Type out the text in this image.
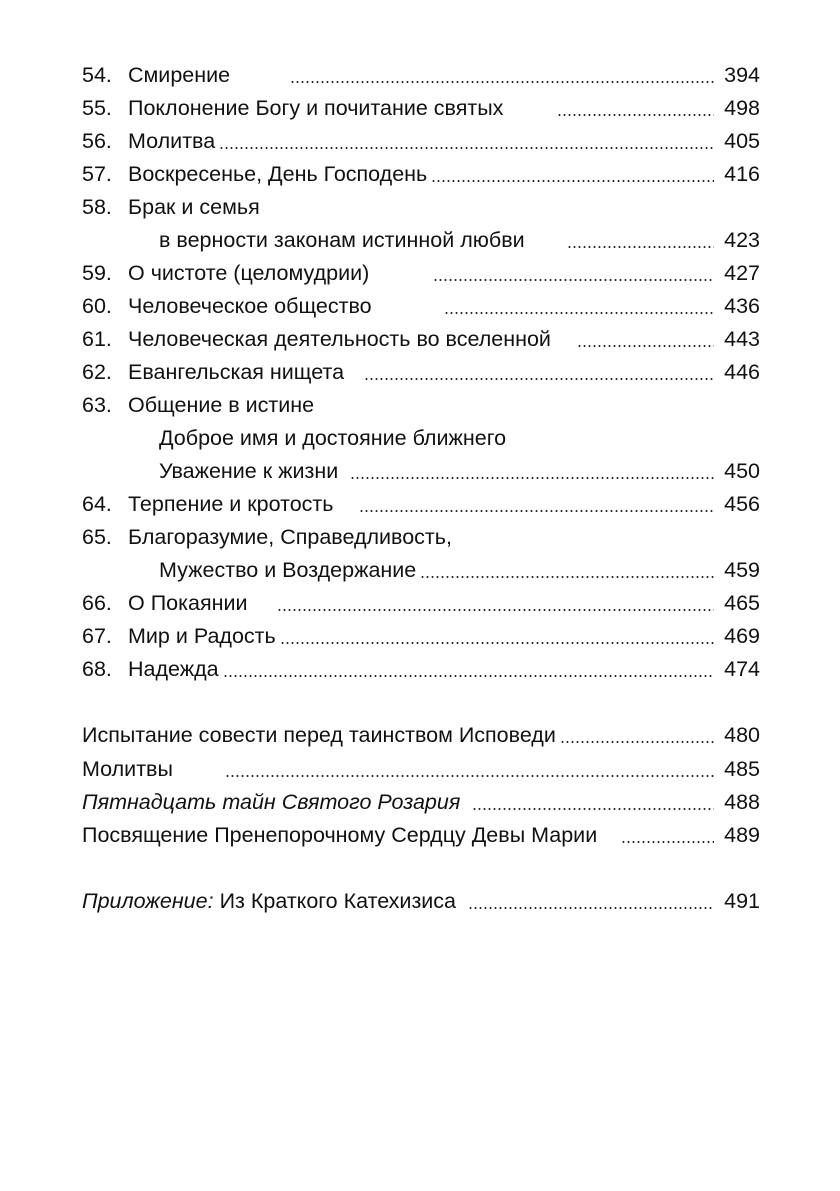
54. Смирение	394
55. Поклонение Богу и почитание святых	498
56. Молитва	405
57. Воскресенье, День Господень	416
58. Брак и семья
в верности законам истинной любви	423
59. О чистоте (целомудрии)	427
60. Человеческое общество	436
61. Человеческая деятельность во вселенной	443
62. Евангельская нищета	446
63. Общение в истине
Доброе имя и достояние ближнего
Уважение к жизни	450
64. Терпение и кротость	456
65. Благоразумие, Справедливость,
Мужество и Воздержание	459
66. О Покаянии	465
67. Мир и Радость	469
68. Надежда	474
Испытание совести перед таинством Исповеди	480
Молитвы	485
Пятнадцать тайн Святого Розария	488
Посвящение Пренепорочному Сердцу Девы Марии	489
Приложение: Из Краткого Катехизиса	491
